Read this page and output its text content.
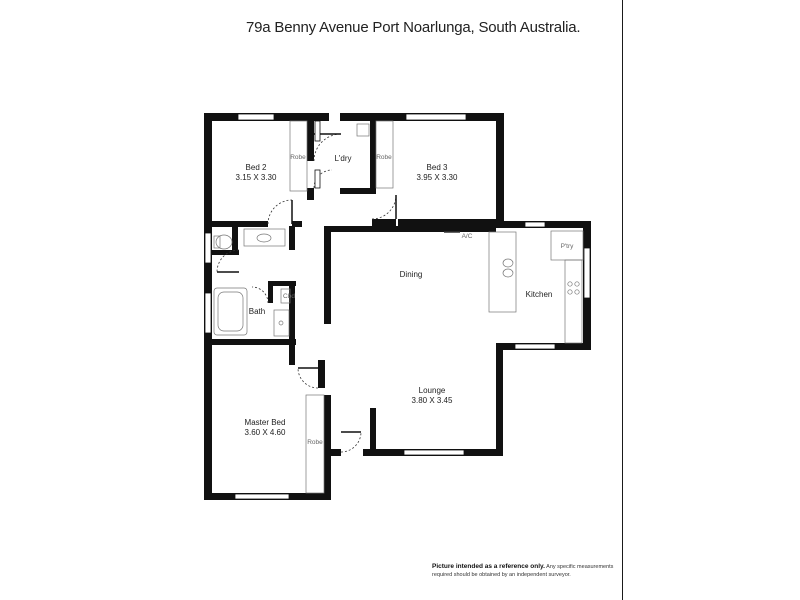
79a Benny Avenue Port Noarlunga, South Australia.
Bed 2
3.15 X 3.30
L'dry
Bed 3
3.95 X 3.30
Robe	Robe
Robe
A/C
Dining
P'try
Kitchen
Cbd
Bath
Lounge
3.80 X 3.45
Master Bed
3.60 X 4.60
Picture intended as a reference only. Any specific measurements required should be obtained by an independent surveyor.
